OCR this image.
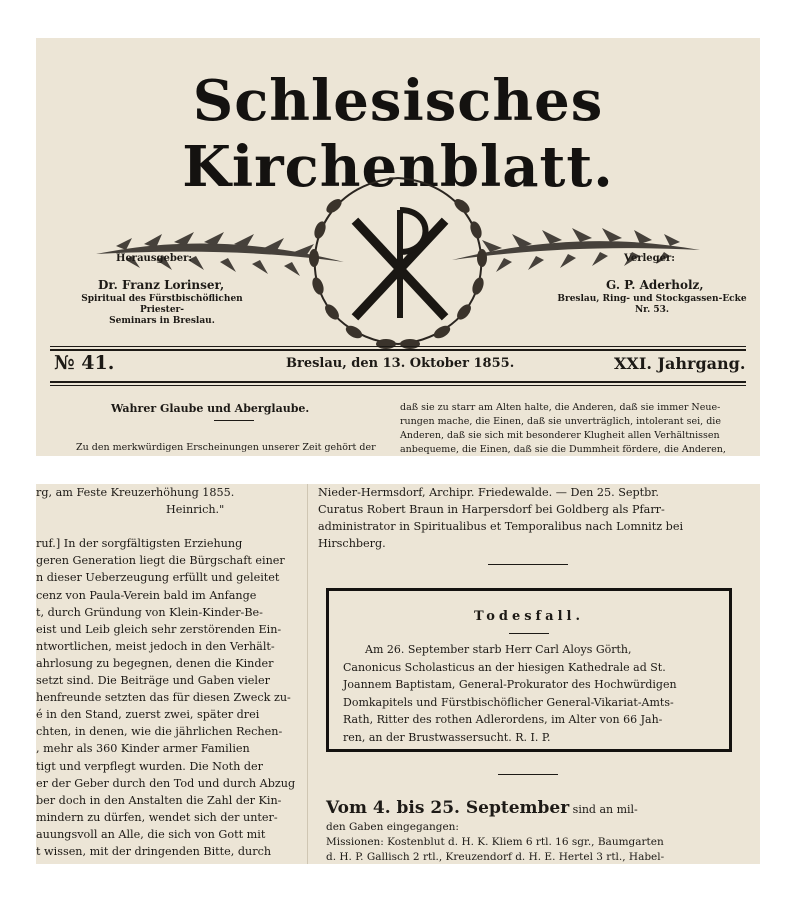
Schlesisches Kirchenblatt.
Herausgeber:
Dr. Franz Lorinser,
Spiritual des Fürstbischöflichen Priester-
Seminars in Breslau.
Verleger:
G. P. Aderholz,
Breslau, Ring- und Stockgassen-Ecke
Nr. 53.
№ 41.	Breslau, den 13. Oktober 1855.	XXI. Jahrgang.
Wahrer Glaube und Aberglaube.
Zu den merkwürdigen Erscheinungen unserer Zeit gehört der
daß sie zu starr am Alten halte, die Anderen, daß sie immer Neue-
rungen mache, die Einen, daß sie unverträglich, intolerant sei, die
Anderen, daß sie sich mit besonderer Klugheit allen Verhältnissen
anbequeme, die Einen, daß sie die Dummheit fördere, die Anderen,
rg, am Feste Kreuzerhöhung 1855.
Heinrich."
ruf.] In der sorgfältigsten Erziehung
geren Generation liegt die Bürgschaft einer
n dieser Ueberzeugung erfüllt und geleitet
cenz von Paula-Verein bald im Anfange
t, durch Gründung von Klein-Kinder-Be-
eist und Leib gleich sehr zerstörenden Ein-
ntwortlichen, meist jedoch in den Verhält-
ahrlosung zu begegnen, denen die Kinder
setzt sind. Die Beiträge und Gaben vieler
henfreunde setzten das für diesen Zweck zu-
é in den Stand, zuerst zwei, später drei
chten, in denen, wie die jährlichen Rechen-
, mehr als 360 Kinder armer Familien
tigt und verpflegt wurden. Die Noth der
er der Geber durch den Tod und durch Abzug
ber doch in den Anstalten die Zahl der Kin-
mindern zu dürfen, wendet sich der unter-
auungsvoll an Alle, die sich von Gott mit
t wissen, mit der dringenden Bitte, durch
Nieder-Hermsdorf, Archipr. Friedewalde. — Den 25. Septbr.
Curatus Robert Braun in Harpersdorf bei Goldberg als Pfarr-
administrator in Spiritualibus et Temporalibus nach Lomnitz bei
Hirschberg.
Todesfall.
Am 26. September starb Herr Carl Aloys Görth,
Canonicus Scholasticus an der hiesigen Kathedrale ad St.
Joannem Baptistam, General-Prokurator des Hochwürdigen
Domkapitels und Fürstbischöflicher General-Vikariat-Amts-
Rath, Ritter des rothen Adlerordens, im Alter von 66 Jah-
ren, an der Brustwassersucht. R. I. P.
Vom 4. bis 25. September sind an mil-
den Gaben eingegangen:
Missionen: Kostenblut d. H. K. Kliem 6 rtl. 16 sgr., Baumgarten
d. H. P. Gallisch 2 rtl., Kreuzendorf d. H. E. Hertel 3 rtl., Habel-
